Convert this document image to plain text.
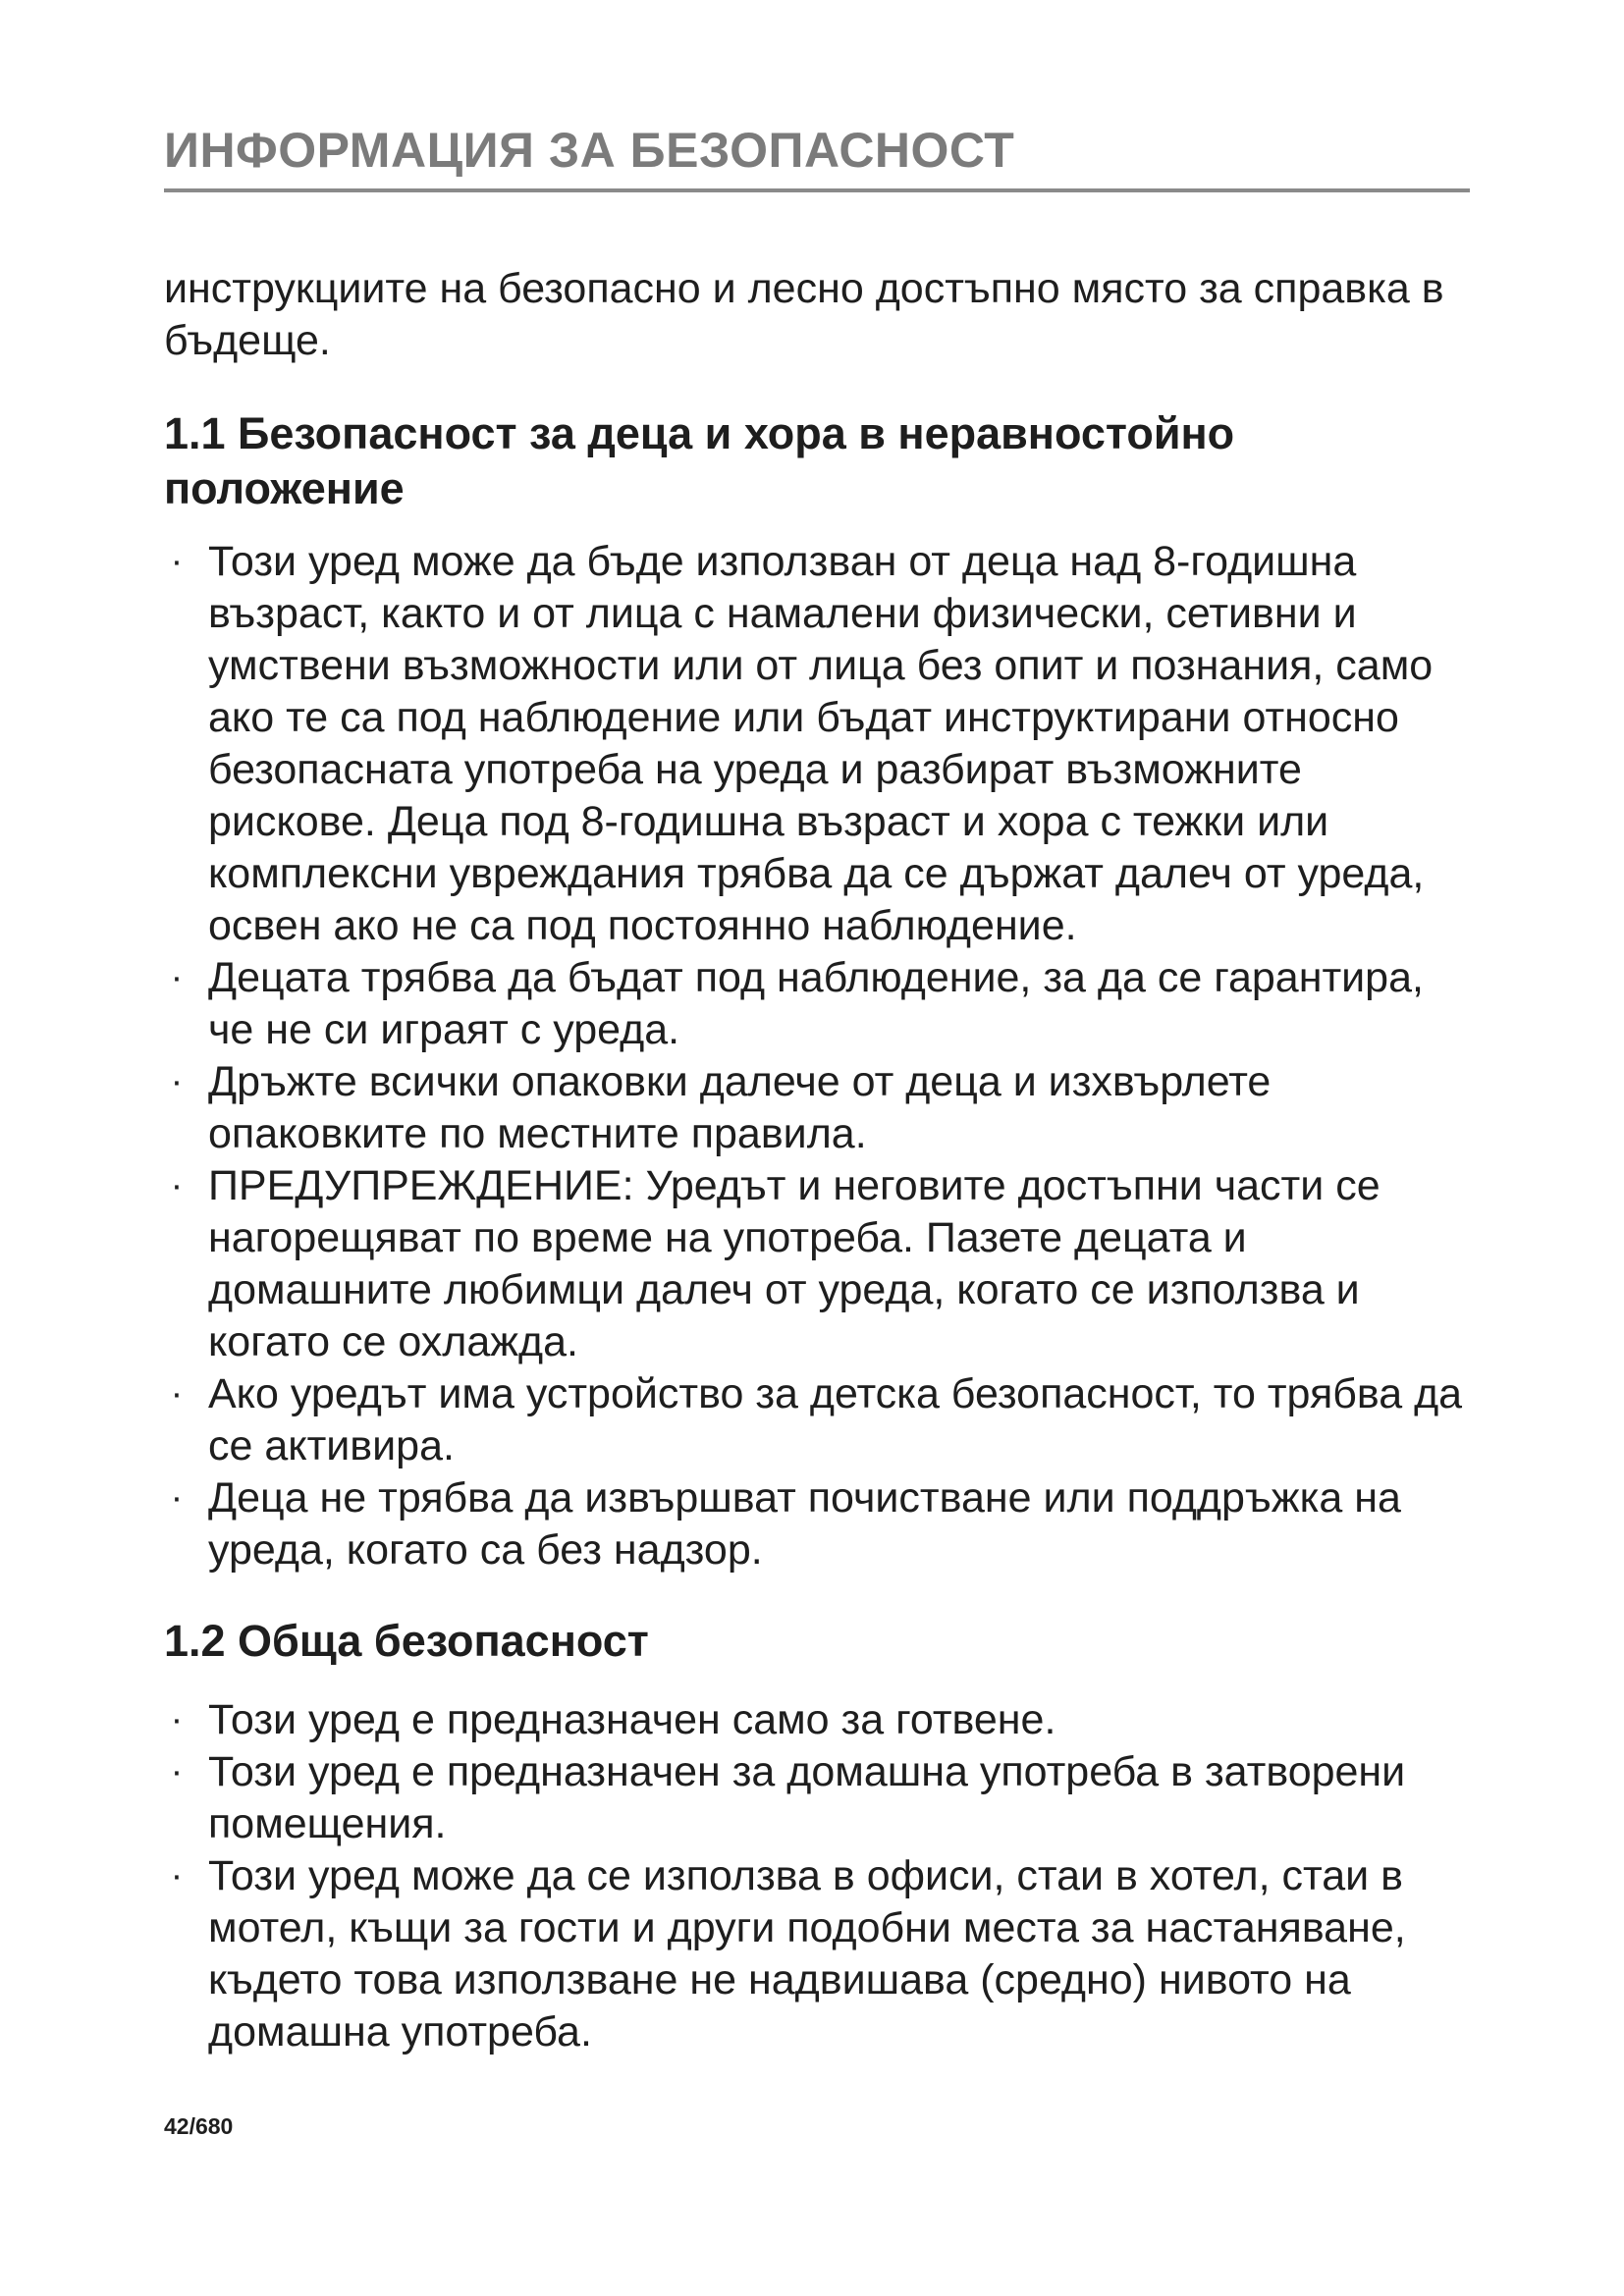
ИНФОРМАЦИЯ ЗА БЕЗОПАСНОСТ

инструкциите на безопасно и лесно достъпно място за справка в бъдеще.

1.1 Безопасност за деца и хора в неравностойно положение
· Този уред може да бъде използван от деца над 8-годишна възраст, както и от лица с намалени физически, сетивни и умствени възможности или от лица без опит и познания, само ако те са под наблюдение или бъдат инструктирани относно безопасната употреба на уреда и разбират възможните рискове. Деца под 8-годишна възраст и хора с тежки или комплексни увреждания трябва да се държат далеч от уреда, освен ако не са под постоянно наблюдение.
· Децата трябва да бъдат под наблюдение, за да се гарантира, че не си играят с уреда.
· Дръжте всички опаковки далече от деца и изхвърлете опаковките по местните правила.
· ПРЕДУПРЕЖДЕНИЕ: Уредът и неговите достъпни части се нагорещяват по време на употреба. Пазете децата и домашните любимци далеч от уреда, когато се използва и когато се охлажда.
· Ако уредът има устройство за детска безопасност, то трябва да се активира.
· Деца не трябва да извършват почистване или поддръжка на уреда, когато са без надзор.
1.2 Обща безопасност
· Този уред е предназначен само за готвене.
· Този уред е предназначен за домашна употреба в затворени помещения.
· Този уред може да се използва в офиси, стаи в хотел, стаи в мотел, къщи за гости и други подобни места за настаняване, където това използване не надвишава (средно) нивото на домашна употреба.
42/680
